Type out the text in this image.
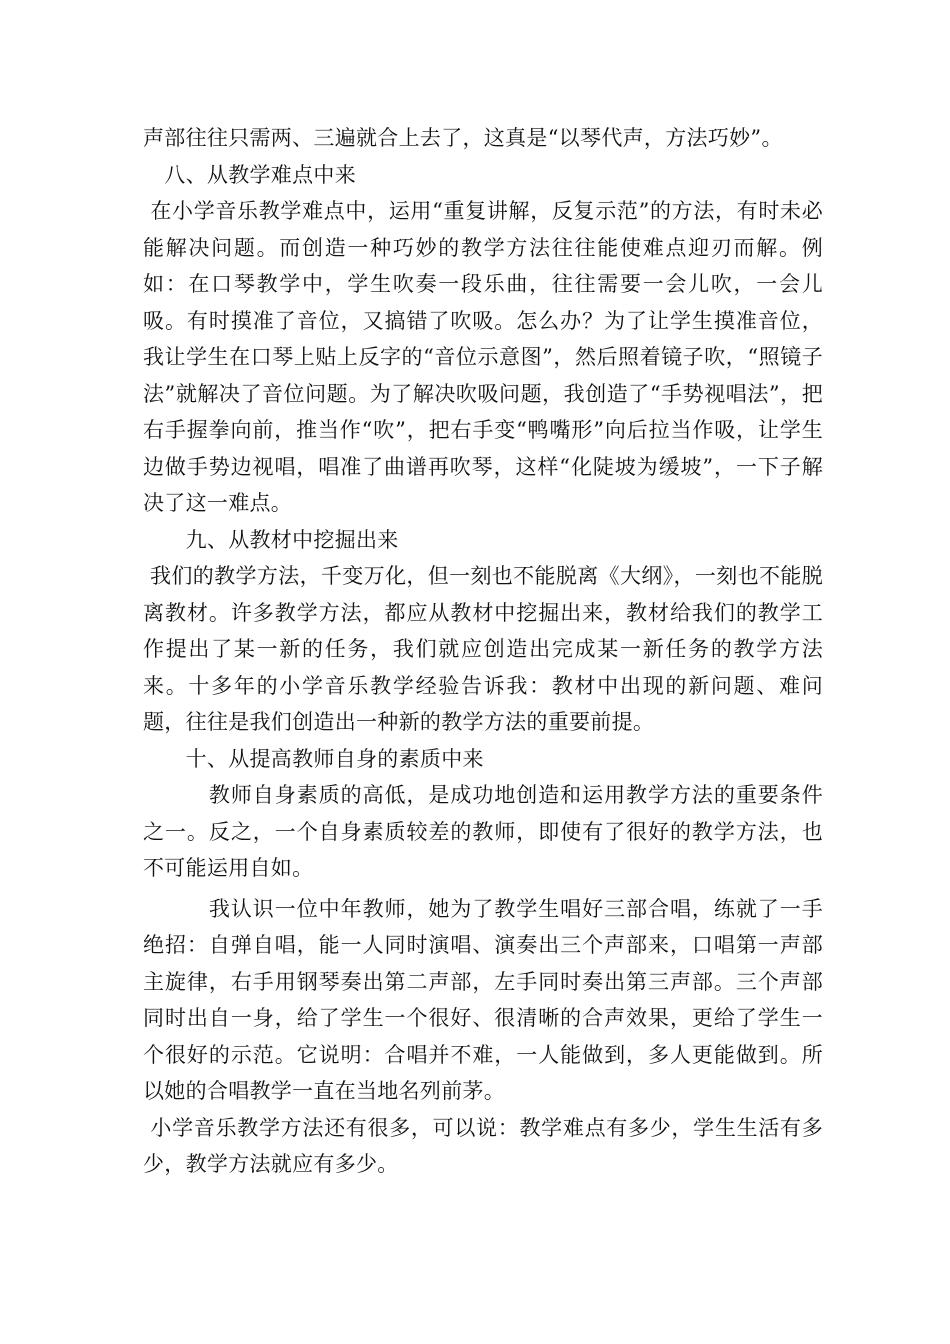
声部往往只需两、三遍就合上去了，这真是“以琴代声，方法巧妙”。

　八、从教学难点中来

在小学音乐教学难点中，运用“重复讲解，反复示范”的方法，有时未必能解决问题。而创造一种巧妙的教学方法往往能使难点迎刃而解。例如：在口琴教学中，学生吹奏一段乐曲，往往需要一会儿吹，一会儿吸。有时摸准了音位，又搞错了吹吸。怎么办？为了让学生摸准音位，我让学生在口琴上贴上反字的“音位示意图”，然后照着镜子吹，“照镜子法”就解决了音位问题。为了解决吹吸问题，我创造了“手势视唱法”，把右手握拳向前，推当作“吹”，把右手变“鸭嘴形”向后拉当作吸，让学生边做手势边视唱，唱准了曲谱再吹琴，这样“化陡坡为缓坡”，一下子解决了这一难点。

　　九、从教材中挖掘出来

我们的教学方法，千变万化，但一刻也不能脱离《大纲》，一刻也不能脱离教材。许多教学方法，都应从教材中挖掘出来，教材给我们的教学工作提出了某一新的任务，我们就应创造出完成某一新任务的教学方法来。十多年的小学音乐教学经验告诉我：教材中出现的新问题、难问题，往往是我们创造出一种新的教学方法的重要前提。

　　十、从提高教师自身的素质中来

　　　教师自身素质的高低，是成功地创造和运用教学方法的重要条件之一。反之，一个自身素质较差的教师，即使有了很好的教学方法，也不可能运用自如。

　　　我认识一位中年教师，她为了教学生唱好三部合唱，练就了一手绝招：自弹自唱，能一人同时演唱、演奏出三个声部来，口唱第一声部主旋律，右手用钢琴奏出第二声部，左手同时奏出第三声部。三个声部同时出自一身，给了学生一个很好、很清晰的合声效果，更给了学生一个很好的示范。它说明：合唱并不难，一人能做到，多人更能做到。所以她的合唱教学一直在当地名列前茅。

小学音乐教学方法还有很多，可以说：教学难点有多少，学生生活有多少，教学方法就应有多少。
